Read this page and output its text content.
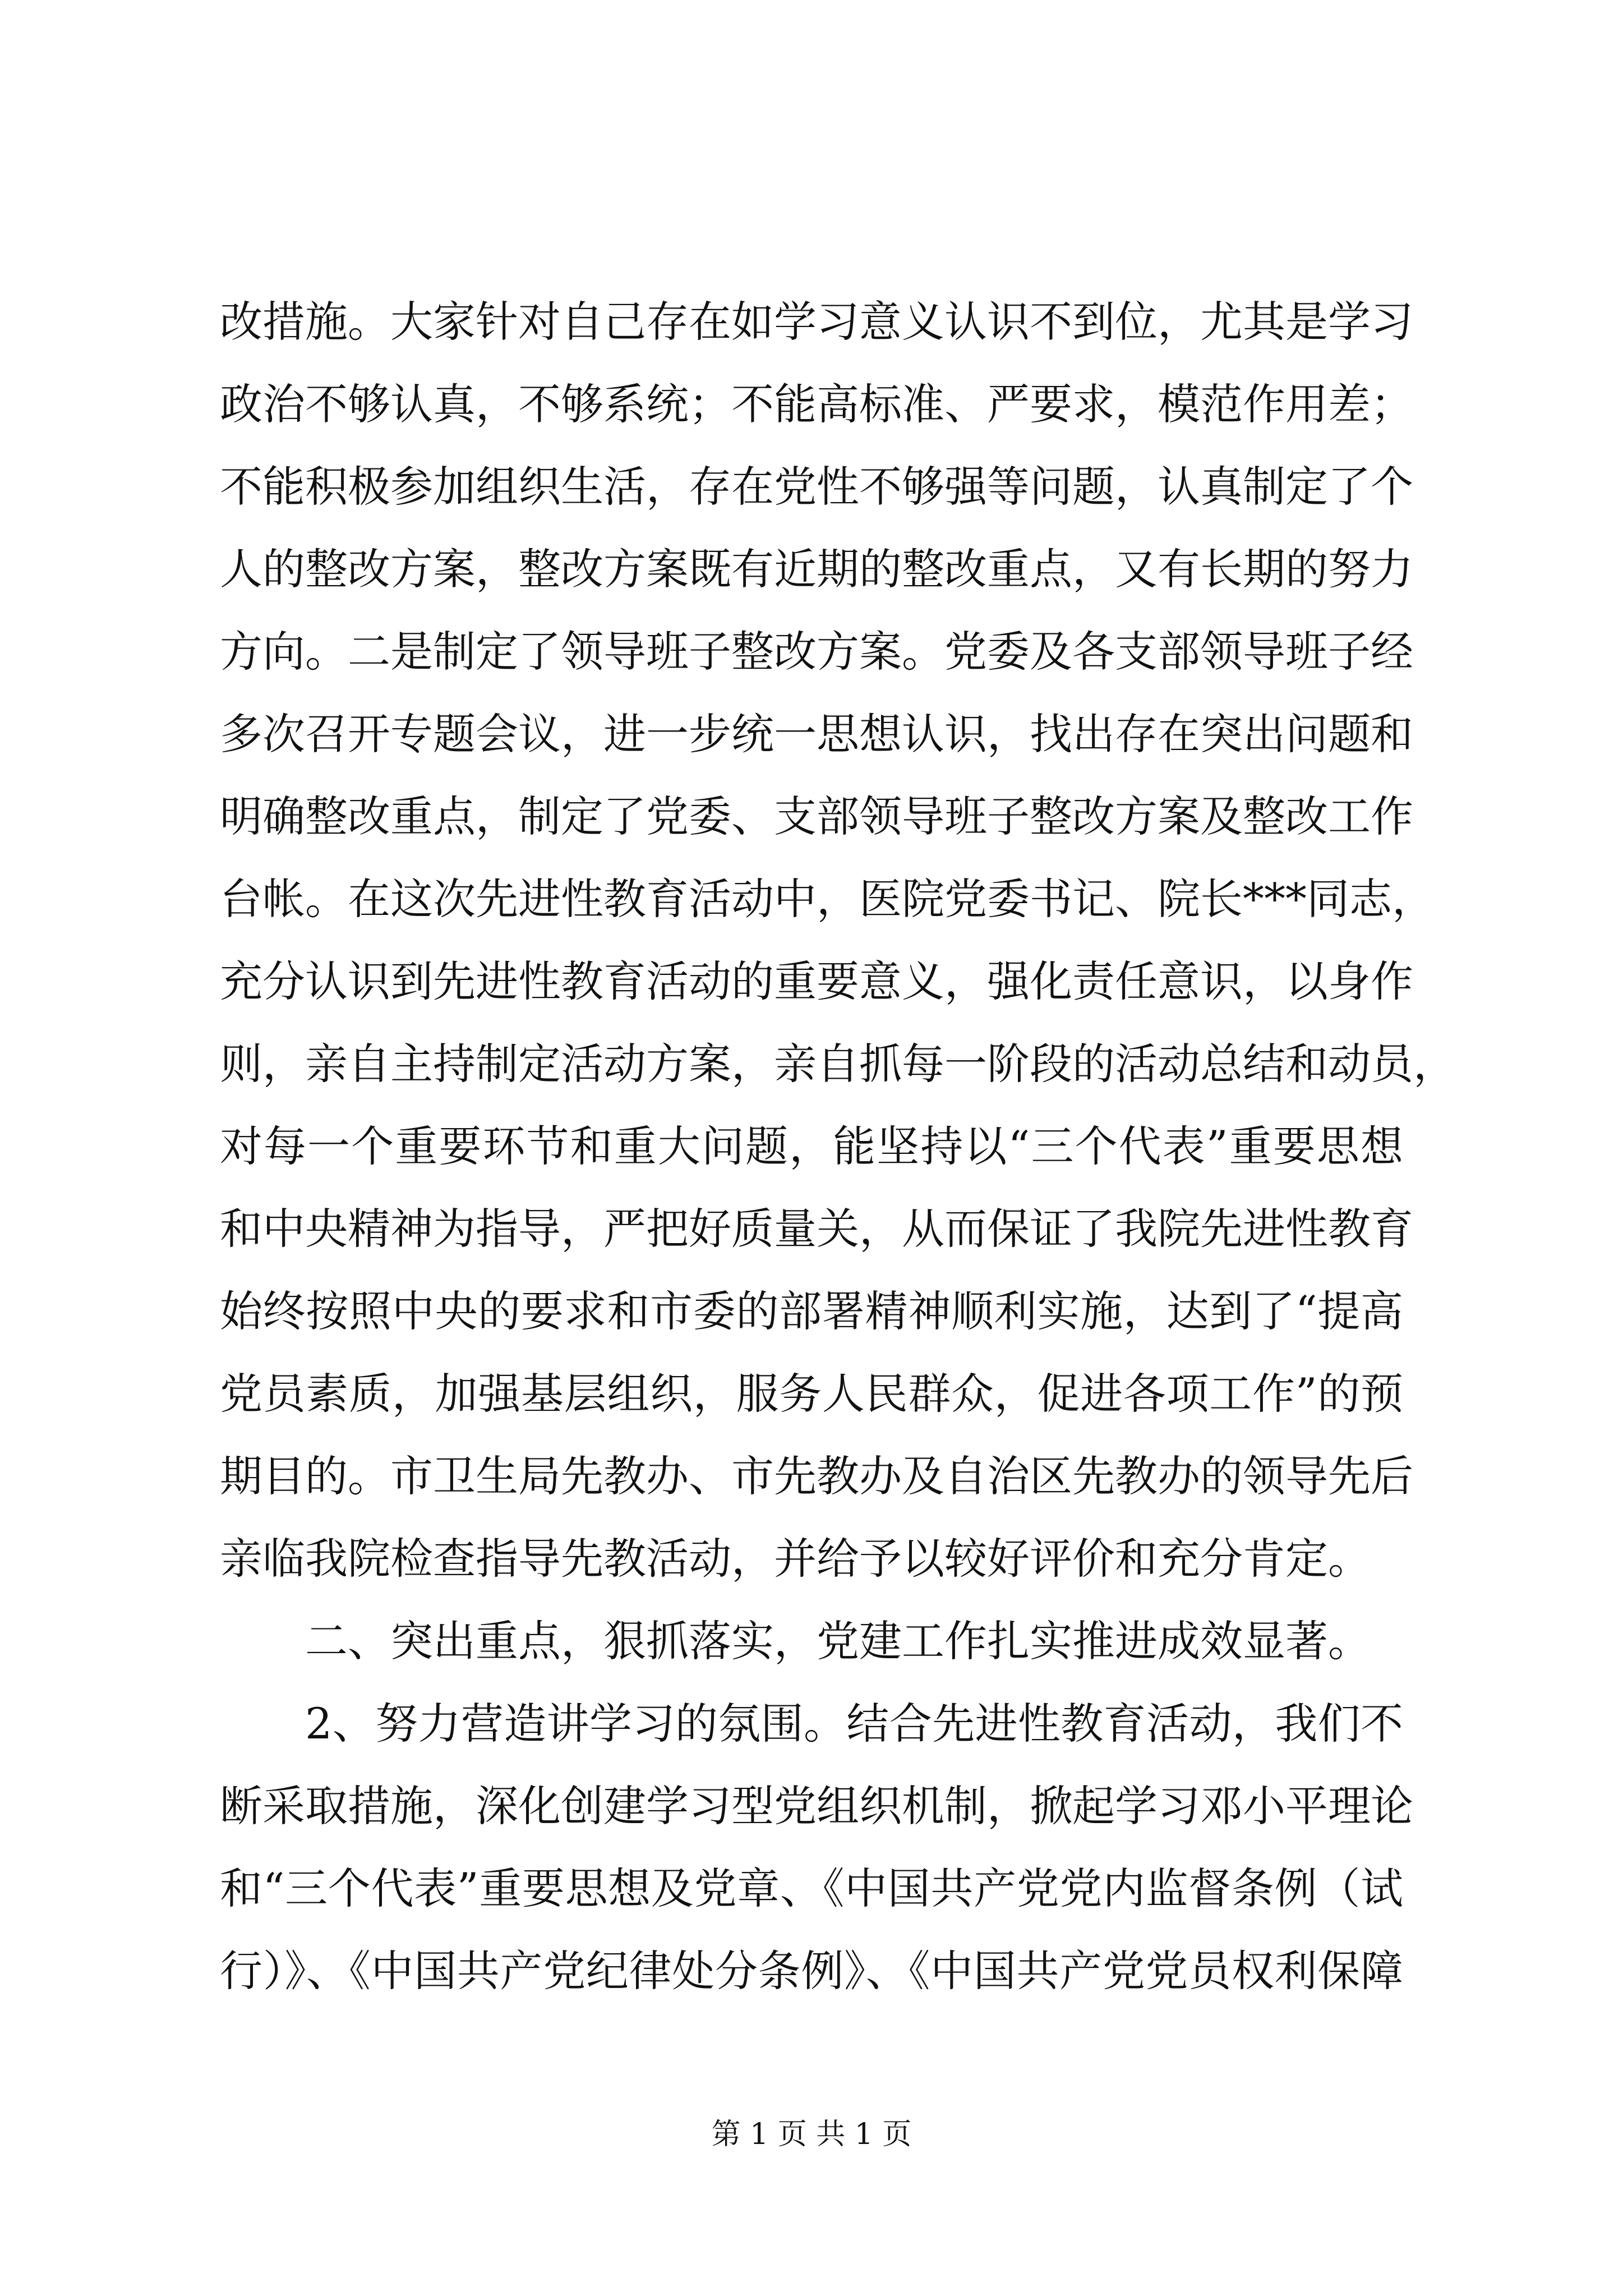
改措施。大家针对自己存在如学习意义认识不到位，尤其是学习
政治不够认真，不够系统；不能高标准、严要求，模范作用差；
不能积极参加组织生活，存在党性不够强等问题，认真制定了个
人的整改方案，整改方案既有近期的整改重点，又有长期的努力
方向。二是制定了领导班子整改方案。党委及各支部领导班子经
多次召开专题会议，进一步统一思想认识，找出存在突出问题和
明确整改重点，制定了党委、支部领导班子整改方案及整改工作
台帐。在这次先进性教育活动中，医院党委书记、院长***同志，
充分认识到先进性教育活动的重要意义，强化责任意识，以身作
则，亲自主持制定活动方案，亲自抓每一阶段的活动总结和动员，
对每一个重要环节和重大问题，能坚持以“三个代表”重要思想
和中央精神为指导，严把好质量关，从而保证了我院先进性教育
始终按照中央的要求和市委的部署精神顺利实施，达到了“提高
党员素质，加强基层组织，服务人民群众，促进各项工作”的预
期目的。市卫生局先教办、市先教办及自治区先教办的领导先后
亲临我院检查指导先教活动，并给予以较好评价和充分肯定。
二、突出重点，狠抓落实，党建工作扎实推进成效显著。
2、努力营造讲学习的氛围。结合先进性教育活动，我们不
断采取措施，深化创建学习型党组织机制，掀起学习邓小平理论
和“三个代表”重要思想及党章、《中国共产党党内监督条例（试
行）》、《中国共产党纪律处分条例》、《中国共产党党员权利保障
第 1 页 共 1 页
